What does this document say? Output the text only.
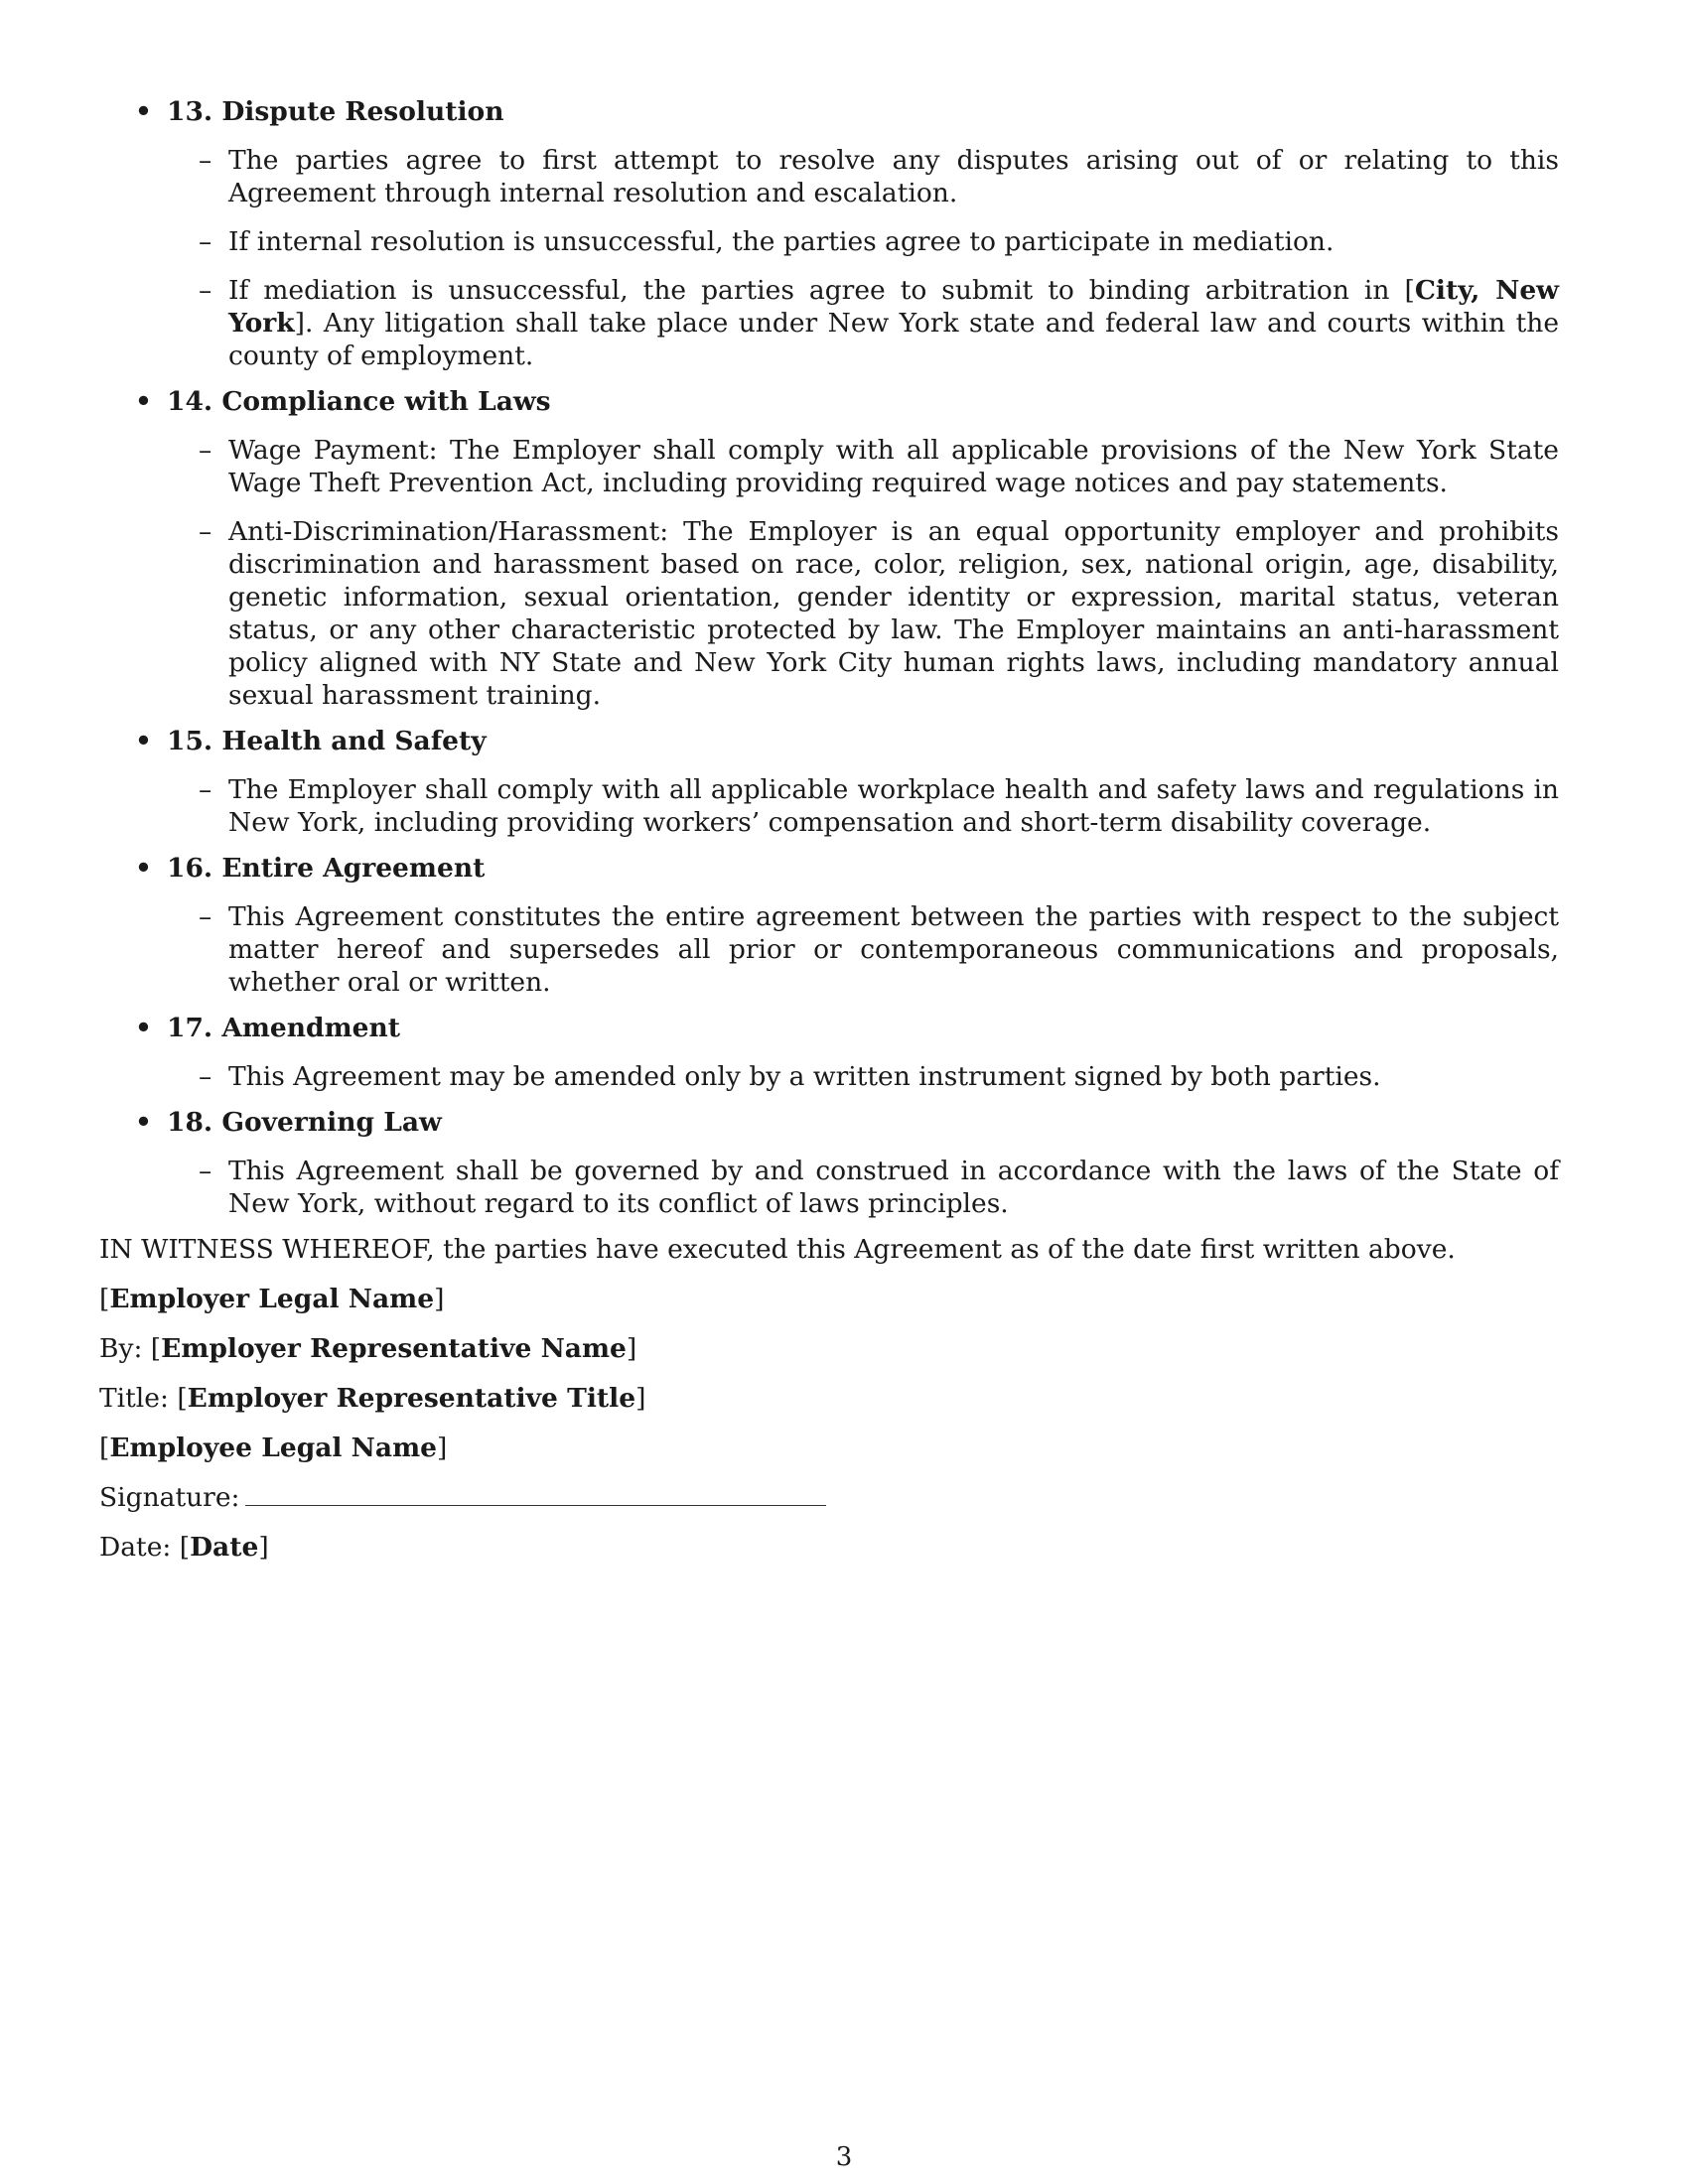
• 13. Dispute Resolution
– The parties agree to first attempt to resolve any disputes arising out of or relating to this Agreement through internal resolution and escalation.
– If internal resolution is unsuccessful, the parties agree to participate in mediation.
– If mediation is unsuccessful, the parties agree to submit to binding arbitration in [City, New York]. Any litigation shall take place under New York state and federal law and courts within the county of employment.
• 14. Compliance with Laws
– Wage Payment: The Employer shall comply with all applicable provisions of the New York State Wage Theft Prevention Act, including providing required wage notices and pay statements.
– Anti-Discrimination/Harassment: The Employer is an equal opportunity employer and prohibits discrimination and harassment based on race, color, religion, sex, national origin, age, disability, genetic information, sexual orientation, gender identity or expression, marital status, veteran status, or any other characteristic protected by law. The Employer maintains an anti-harassment policy aligned with NY State and New York City human rights laws, including mandatory annual sexual harassment training.
• 15. Health and Safety
– The Employer shall comply with all applicable workplace health and safety laws and regulations in New York, including providing workers’ compensation and short-term disability coverage.
• 16. Entire Agreement
– This Agreement constitutes the entire agreement between the parties with respect to the subject matter hereof and supersedes all prior or contemporaneous communications and proposals, whether oral or written.
• 17. Amendment
– This Agreement may be amended only by a written instrument signed by both parties.
• 18. Governing Law
– This Agreement shall be governed by and construed in accordance with the laws of the State of New York, without regard to its conflict of laws principles.
IN WITNESS WHEREOF, the parties have executed this Agreement as of the date first written above.
[Employer Legal Name]
By: [Employer Representative Name]
Title: [Employer Representative Title]
[Employee Legal Name]
Signature:
Date: [Date]
3
